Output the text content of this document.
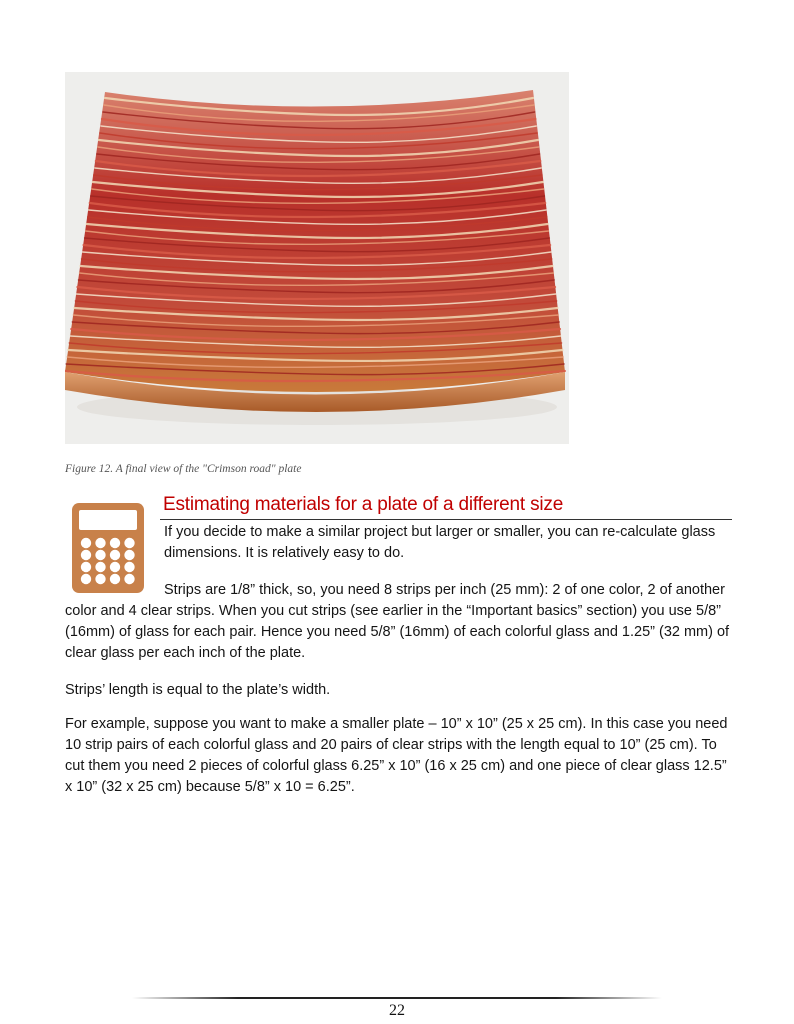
Figure 12. A final view of the "Crimson road" plate
Estimating materials for a plate of a different size

If you decide to make a similar project but larger or smaller, you can re-calculate glass dimensions. It is relatively easy to do.

Strips are 1/8” thick, so, you need 8 strips per inch (25 mm): 2 of one color, 2 of another color and 4 clear strips. When you cut strips (see earlier in the “Important basics” section) you use 5/8” (16mm) of glass for each pair. Hence you need 5/8” (16mm) of each colorful glass and 1.25” (32 mm) of clear glass per each inch of the plate.

Strips’ length is equal to the plate’s width.

For example, suppose you want to make a smaller plate – 10” x 10” (25 x 25 cm). In this case you need 10 strip pairs of each colorful glass and 20 pairs of clear strips with the length equal to 10” (25 cm). To cut them you need 2 pieces of colorful glass 6.25” x 10” (16 x 25 cm) and one piece of clear glass 12.5” x 10” (32 x 25 cm) because 5/8” x 10 = 6.25”.

22
